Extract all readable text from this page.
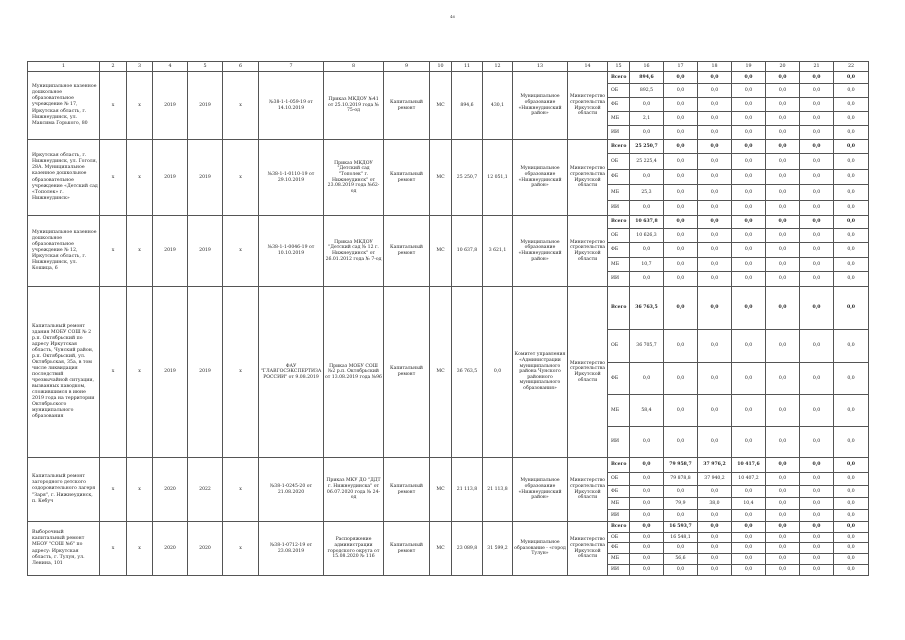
46
1	2	3	4	5	6	7	8	9	10	11	12	13	14	15	16	17	18	19	20	21	22
Муниципальное казенное дошкольное образовательное учреждение № 17, Иркутская область, г. Нижнеудинск, ул. Максима Горького, 80	х	х	2019	2019	х	№38-1-1-059-19 от 14.10.2019	Приказ МКДОУ №41 от 25.10.2019 года № 75-од	Капитальный ремонт	МС	894,6	430,1	Муниципальное образование «Нижнеудинский район»	Министерство строительства Иркутской области	Всего	894,6	0,0	0,0	0,0	0,0	0,0	0,0
														ОБ	892,5	0,0	0,0	0,0	0,0	0,0	0,0
														ФБ	0,0	0,0	0,0	0,0	0,0	0,0	0,0
														МБ	2,1	0,0	0,0	0,0	0,0	0,0	0,0
														ИИ	0,0	0,0	0,0	0,0	0,0	0,0	0,0
Иркутская область, г. Нижнеудинск, ул. Гоголя, 28А. Муниципальное казенное дошкольное образовательное учреждение «Детский сад «Тополек» г. Нижнеудинск»	х	х	2019	2019	х	№38-1-1-0110-19 от 29.10.2019	Приказ МКДОУ "Детский сад "Тополек" г. Нижнеудинск" от 23.08.2019 года №62-од	Капитальный ремонт	МС	25 250,7	12 051,1	Муниципальное образование «Нижнеудинский район»	Министерство строительства Иркутской области	Всего	25 250,7	0,0	0,0	0,0	0,0	0,0	0,0
														ОБ	25 225,4	0,0	0,0	0,0	0,0	0,0	0,0
														ФБ	0,0	0,0	0,0	0,0	0,0	0,0	0,0
														МБ	25,3	0,0	0,0	0,0	0,0	0,0	0,0
														ИИ	0,0	0,0	0,0	0,0	0,0	0,0	0,0
Муниципальное казенное дошкольное образовательное учреждение № 12, Иркутская область, г. Нижнеудинск, ул. Кошица, 6	х	х	2019	2019	х	№38-1-1-0046-19 от 10.10.2019	Приказ МКДОУ "Детский сад № 12 г. Нижнеудинск" от 26.01.2012 года № 7-од	Капитальный ремонт	МС	10 637,8	3 621,1	Муниципальное образование «Нижнеудинский район»	Министерство строительства Иркутской области	Всего	10 637,8	0,0	0,0	0,0	0,0	0,0	0,0
														ОБ	10 626,3	0,0	0,0	0,0	0,0	0,0	0,0
														ФБ	0,0	0,0	0,0	0,0	0,0	0,0	0,0
														МБ	10,7	0,0	0,0	0,0	0,0	0,0	0,0
														ИИ	0,0	0,0	0,0	0,0	0,0	0,0	0,0
Капитальный ремонт здания МОБУ СОШ № 2 р.п. Октябрьский по адресу Иркутская область, Чунский район, р.п. Октябрьский, ул. Октябрьская, 35а, в том числе ликвидация последствий чрезвычайной ситуации, вызванных паводком, сложившимся в июне 2019 года на территории Октябрьского муниципального образования	х	х	2019	2019	х	ФАУ "ГЛАВГОСЭКСПЕРТИЗА РОССИИ" от 9.08.2019	Приказ МОБУ СОШ №2 р.п. Октябрьский от 13.08.2019 года №96	Капитальный ремонт	МС	36 763,5	0,0	Комитет управления «Администрации муниципального района Чунского районного муниципального образования»	Министерство строительства Иркутской области	Всего	36 763,5	0,0	0,0	0,0	0,0	0,0	0,0
														ОБ	36 705,7	0,0	0,0	0,0	0,0	0,0	0,0
														ФБ	0,0	0,0	0,0	0,0	0,0	0,0	0,0
														МБ	58,4	0,0	0,0	0,0	0,0	0,0	0,0
														ИИ	0,0	0,0	0,0	0,0	0,0	0,0	0,0
Капитальный ремонт загородного детского оздоровительного лагеря "Заря", г. Нижнеудинск, п. Көбуч	х	х	2020	2022	х	№38-1-0245-20 от 21.08.2020	Приказ МКУ ДО "ДДТ г. Нижнеудинска" от 06.07.2020 года № 24-од	Капитальный ремонт	МС	21 113,8	21 113,8	Муниципальное образование «Нижнеудинский район»	Министерство строительства Иркутской области	Всего	0,0	79 958,7	37 976,2	10 417,6	0,0	0,0	0,0
														ОБ	0,0	79 878,8	37 940,2	10 407,2	0,0	0,0	0,0
														ФБ	0,0	0,0	0,0	0,0	0,0	0,0	0,0
														МБ	0,0	79,9	38,0	10,4	0,0	0,0	0,0
														ИИ	0,0	0,0	0,0	0,0	0,0	0,0	0,0
Выборочный капитальный ремонт МБОУ "СОШ №6" по адресу: Иркутская область, г. Тулун, ул. Ленина, 101	х	х	2020	2020	х	№38-1-0712-19 от 23.08.2019	Распоряжение администрации городского округа от 15.08.2020 № 116	Капитальный ремонт	МС	23 089,8	31 599,2	Муниципальное образование - «город Тулун»	Министерство строительства Иркутской области	Всего	0,0	16 593,7	0,0	0,0	0,0	0,0	0,0
														ОБ	0,0	16 548,1	0,0	0,0	0,0	0,0	0,0
														ФБ	0,0	0,0	0,0	0,0	0,0	0,0	0,0
														МБ	0,0	56,6	0,0	0,0	0,0	0,0	0,0
														ИИ	0,0	0,0	0,0	0,0	0,0	0,0	0,0
